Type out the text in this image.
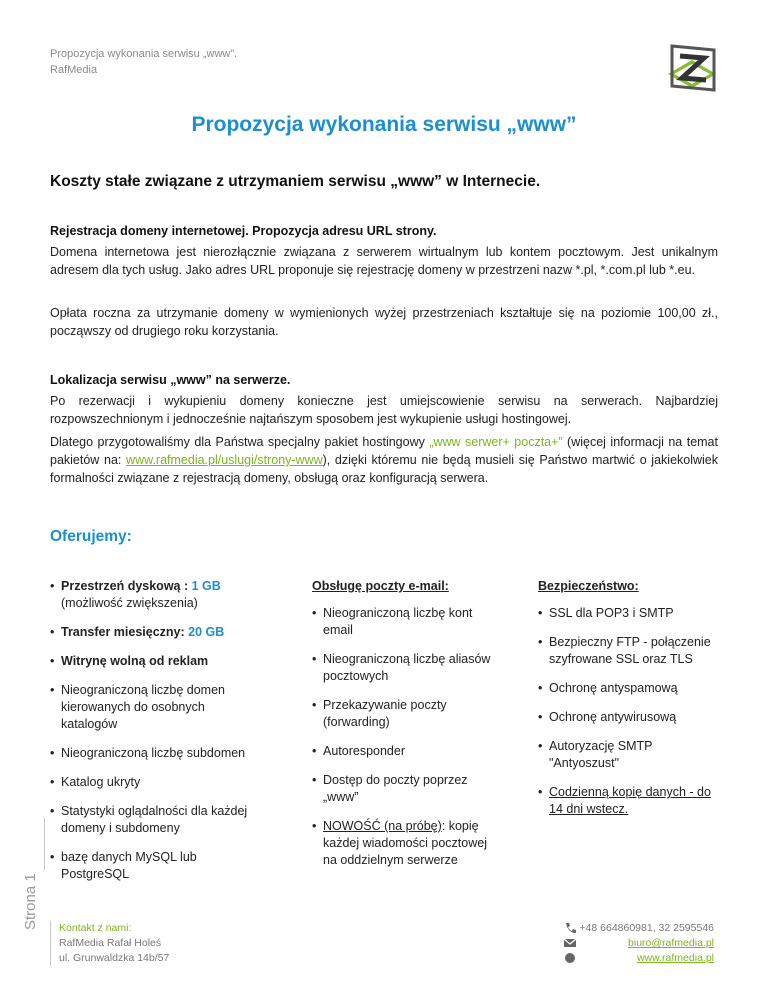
Propozycja wykonania serwisu „www”.
RafMedia
Propozycja wykonania serwisu „www”
Koszty stałe związane z utrzymaniem serwisu „www” w Internecie.
Rejestracja domeny internetowej. Propozycja adresu URL strony.
Domena internetowa jest nierozłącznie związana z serwerem wirtualnym lub kontem pocztowym. Jest unikalnym adresem dla tych usług. Jako adres URL proponuje się rejestrację domeny w przestrzeni nazw *.pl, *.com.pl lub *.eu.
Opłata roczna za utrzymanie domeny w wymienionych wyżej przestrzeniach kształtuje się na poziomie 100,00 zł., począwszy od drugiego roku korzystania.
Lokalizacja serwisu „www” na serwerze.
Po rezerwacji i wykupieniu domeny konieczne jest umiejscowienie serwisu na serwerach. Najbardziej rozpowszechnionym i jednocześnie najtańszym sposobem jest wykupienie usługi hostingowej.
Dlatego przygotowaliśmy dla Państwa specjalny pakiet hostingowy „www serwer+ poczta+” (więcej informacji na temat pakietów na: www.rafmedia.pl/uslugi/strony-www), dzięki któremu nie będą musieli się Państwo martwić o jakiekolwiek formalności związane z rejestracją domeny, obsługą oraz konfiguracją serwera.
Oferujemy:
• Przestrzeń dyskową : 1 GB
(możliwość zwiększenia)
• Transfer miesięczny: 20 GB
• Witrynę wolną od reklam
• Nieograniczoną liczbę domen kierowanych do osobnych katalogów
• Nieograniczoną liczbę subdomen
• Katalog ukryty
• Statystyki oglądalności dla każdej domeny i subdomeny
• bazę danych MySQL lub PostgreSQL
Obsługę poczty e-mail:
• Nieograniczoną liczbę kont email
• Nieograniczoną liczbę aliasów pocztowych
• Przekazywanie poczty (forwarding)
• Autoresponder
• Dostęp do poczty poprzez „www”
• NOWOŚĆ (na próbę): kopię każdej wiadomości pocztowej na oddzielnym serwerze
Bezpieczeństwo:
• SSL dla POP3 i SMTP
• Bezpieczny FTP - połączenie szyfrowane SSL oraz TLS
• Ochronę antyspamową
• Ochronę antywirusową
• Autoryzację SMTP "Antyoszust"
• Codzienną kopię danych - do 14 dni wstecz.
Strona 1 Kontakt z nami:
RafMedia Rafał Holeś
ul. Grunwaldzka 14b/57
+48 664860981, 32 2595546
biuro@rafmedia.pl
www.rafmedia.pl
